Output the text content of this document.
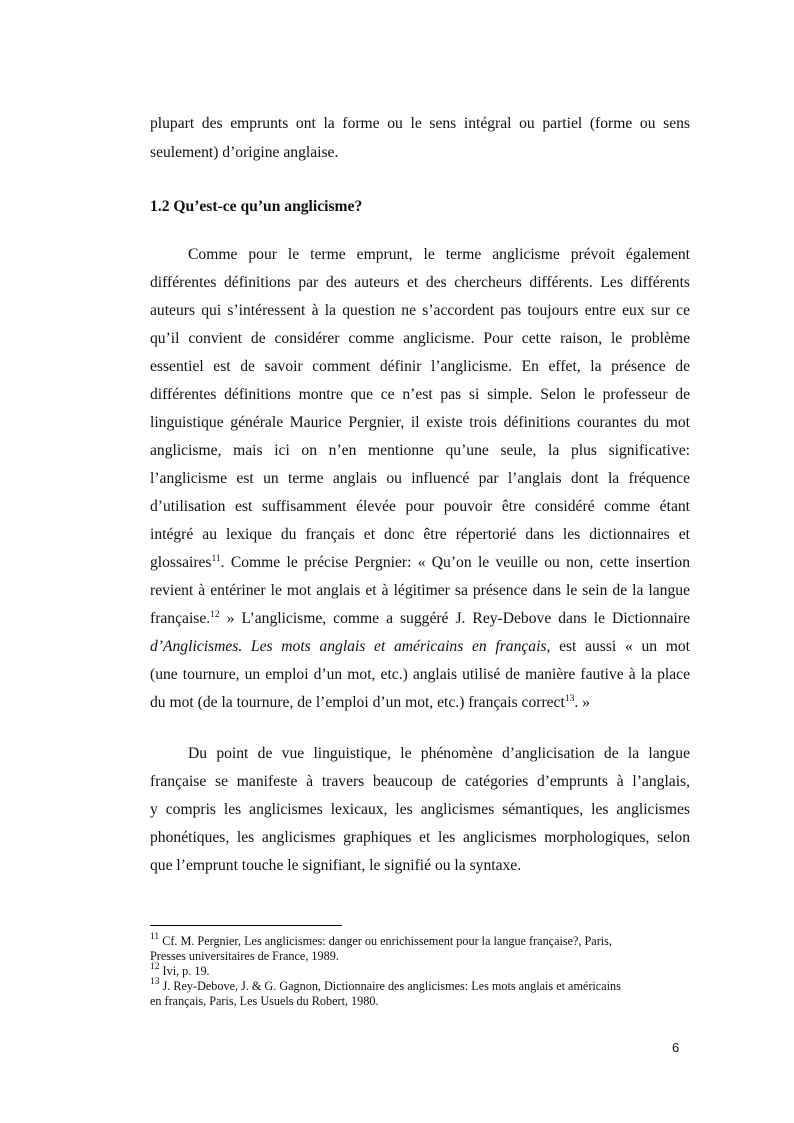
plupart des emprunts ont la forme ou le sens intégral ou partiel (forme ou sens
seulement) d’origine anglaise.
1.2 Qu’est-ce qu’un anglicisme?
Comme pour le terme emprunt, le terme anglicisme prévoit également
différentes définitions par des auteurs et des chercheurs différents. Les différents
auteurs qui s’intéressent à la question ne s’accordent pas toujours entre eux sur ce
qu’il convient de considérer comme anglicisme. Pour cette raison, le problème
essentiel est de savoir comment définir l’anglicisme. En effet, la présence de
différentes définitions montre que ce n’est pas si simple. Selon le professeur de
linguistique générale Maurice Pergnier, il existe trois définitions courantes du mot
anglicisme, mais ici on n’en mentionne qu’une seule, la plus significative:
l’anglicisme est un terme anglais ou influencé par l’anglais dont la fréquence
d’utilisation est suffisamment élevée pour pouvoir être considéré comme étant
intégré au lexique du français et donc être répertorié dans les dictionnaires et
glossaires$^{11}$. Comme le précise Pergnier: « Qu’on le veuille ou non, cette insertion
revient à entériner le mot anglais et à légitimer sa présence dans le sein de la langue
française.$^{12}$ » L’anglicisme, comme a suggéré J. Rey-Debove dans le Dictionnaire
d’Anglicismes. Les mots anglais et américains en français, est aussi « un mot
(une tournure, un emploi d’un mot, etc.) anglais utilisé de manière fautive à la place
du mot (de la tournure, de l’emploi d’un mot, etc.) français correct$^{13}$. »
Du point de vue linguistique, le phénomène d’anglicisation de la langue
française se manifeste à travers beaucoup de catégories d’emprunts à l’anglais,
y compris les anglicismes lexicaux, les anglicismes sémantiques, les anglicismes
phonétiques, les anglicismes graphiques et les anglicismes morphologiques, selon
que l’emprunt touche le signifiant, le signifié ou la syntaxe.
$^{11}$ Cf. M. Pergnier, Les anglicismes: danger ou enrichissement pour la langue française?, Paris,
Presses universitaires de France, 1989.
$^{12}$ Ivi, p. 19.
$^{13}$ J. Rey-Debove, J. & G. Gagnon, Dictionnaire des anglicismes: Les mots anglais et américains
en français, Paris, Les Usuels du Robert, 1980.
6
